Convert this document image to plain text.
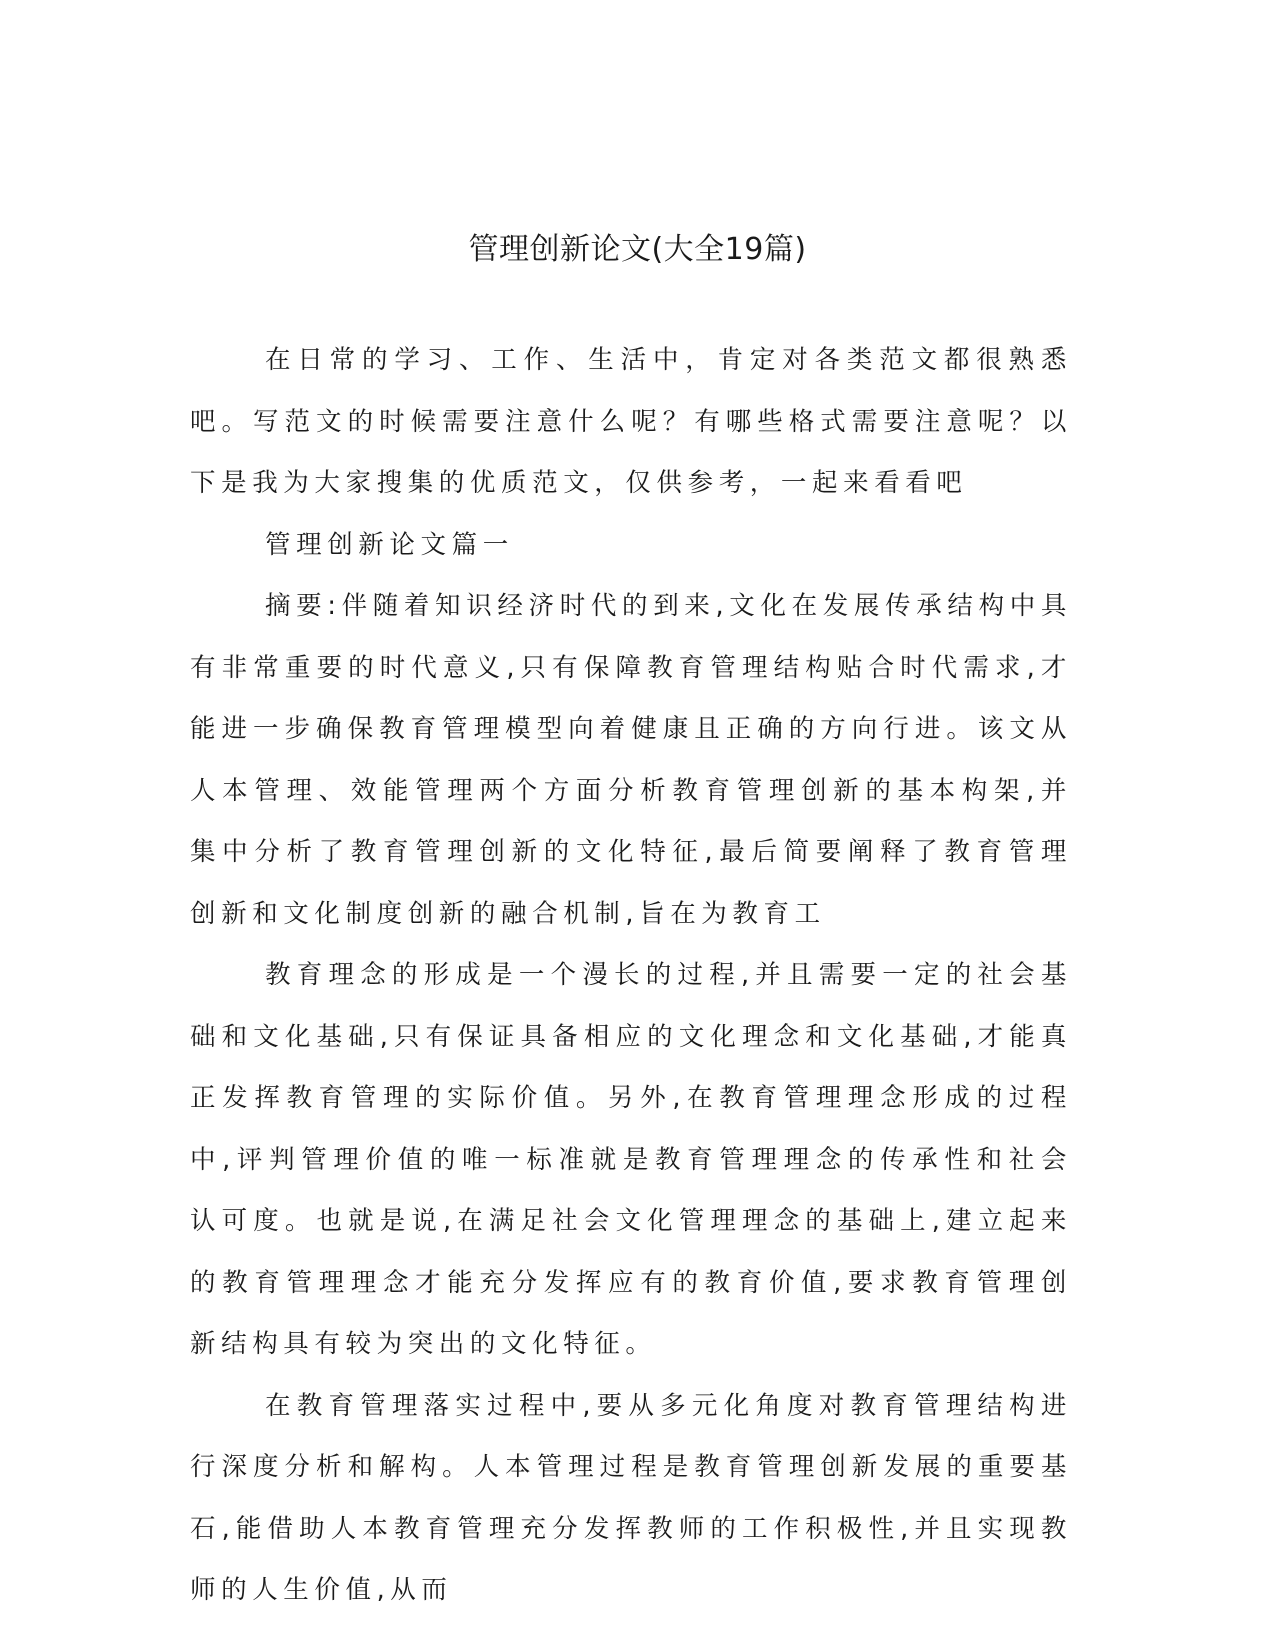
管理创新论文(大全19篇)

在日常的学习、工作、生活中，肯定对各类范文都很熟悉吧。写范文的时候需要注意什么呢？有哪些格式需要注意呢？以下是我为大家搜集的优质范文，仅供参考，一起来看看吧

管理创新论文篇一

摘要:伴随着知识经济时代的到来,文化在发展传承结构中具有非常重要的时代意义,只有保障教育管理结构贴合时代需求,才能进一步确保教育管理模型向着健康且正确的方向行进。该文从人本管理、效能管理两个方面分析教育管理创新的基本构架,并集中分析了教育管理创新的文化特征,最后简要阐释了教育管理创新和文化制度创新的融合机制,旨在为教育工

教育理念的形成是一个漫长的过程,并且需要一定的社会基础和文化基础,只有保证具备相应的文化理念和文化基础,才能真正发挥教育管理的实际价值。另外,在教育管理理念形成的过程中,评判管理价值的唯一标准就是教育管理理念的传承性和社会认可度。也就是说,在满足社会文化管理理念的基础上,建立起来的教育管理理念才能充分发挥应有的教育价值,要求教育管理创新结构具有较为突出的文化特征。

在教育管理落实过程中,要从多元化角度对教育管理结构进行深度分析和解构。人本管理过程是教育管理创新发展的重要基石,能借助人本教育管理充分发挥教师的工作积极性,并且实现教师的人生价值,从而
